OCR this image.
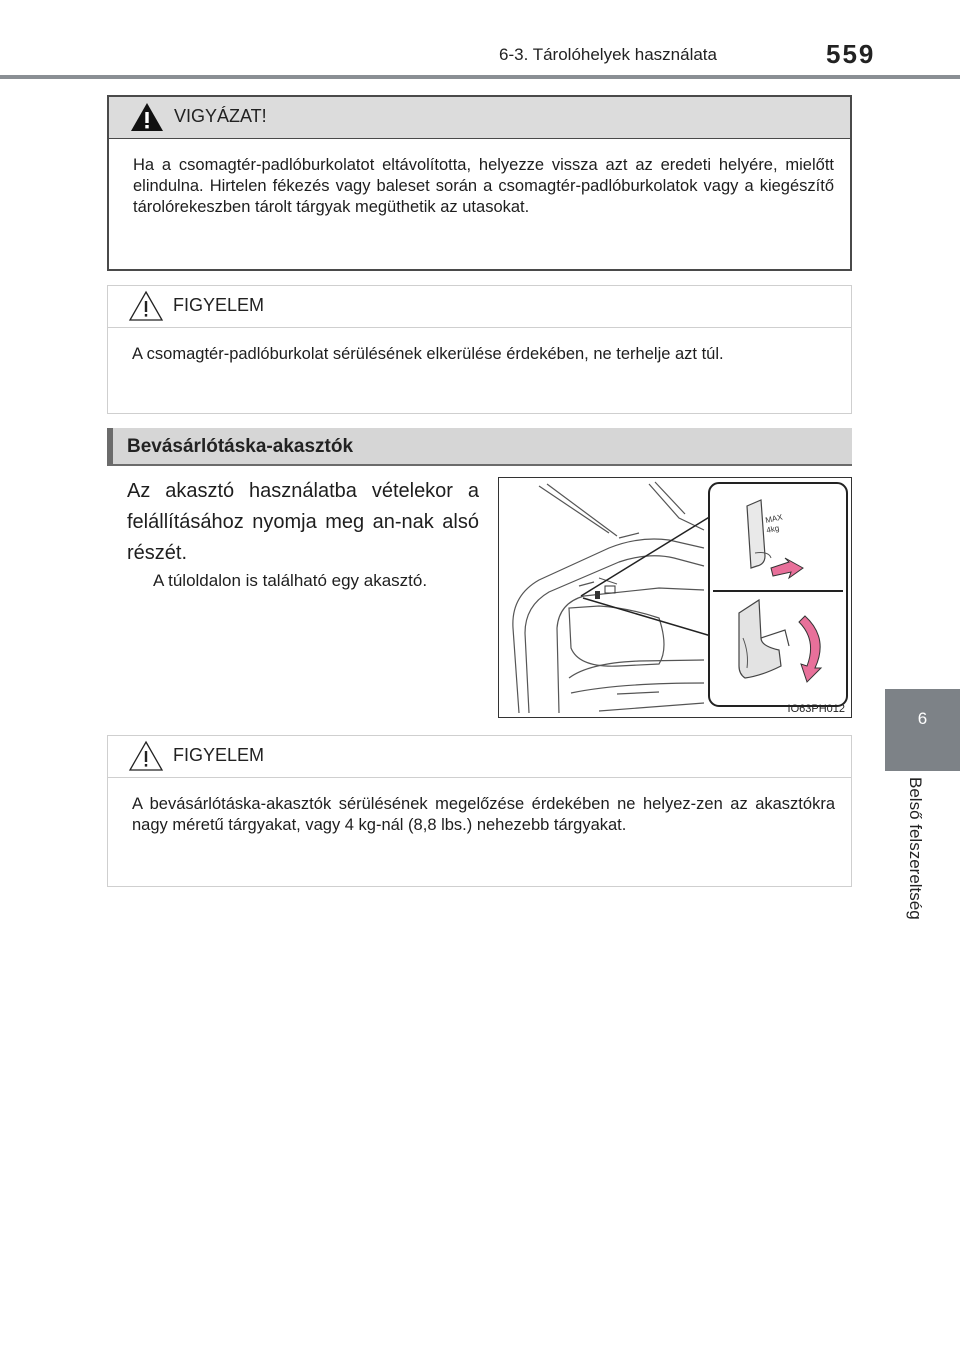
6-3. Tárolóhelyek használata	559
6
Belső felszereltség
VIGYÁZAT!
Ha a csomagtér-padlóburkolatot eltávolította, helyezze vissza azt az eredeti helyére, mielőtt elindulna. Hirtelen fékezés vagy baleset során a csomagtér-padlóburkolatok vagy a kiegészítő tárolórekeszben tárolt tárgyak megüthetik az utasokat.
FIGYELEM
A csomagtér-padlóburkolat sérülésének elkerülése érdekében, ne terhelje azt túl.
Bevásárlótáska-akasztók
Az akasztó használatba vételekor a felállításához nyomja meg an-nak alsó részét.
A túloldalon is található egy akasztó.
MAX
4kg
IO63PH012
FIGYELEM
A bevásárlótáska-akasztók sérülésének megelőzése érdekében ne helyez-zen az akasztókra nagy méretű tárgyakat, vagy 4 kg-nál (8,8 lbs.) nehezebb tárgyakat.
